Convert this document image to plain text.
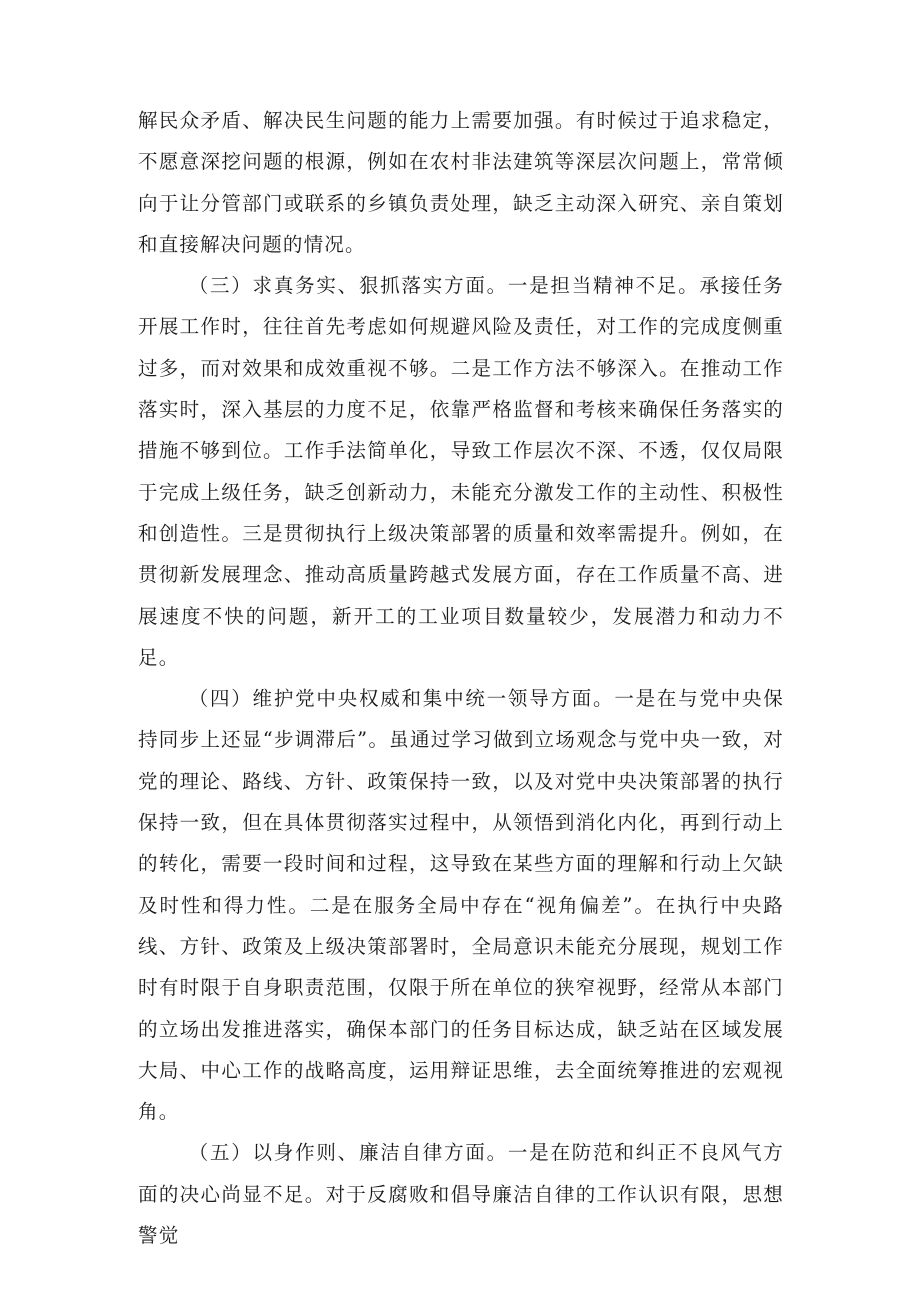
解民众矛盾、解决民生问题的能力上需要加强。有时候过于追求稳定，不愿意深挖问题的根源，例如在农村非法建筑等深层次问题上，常常倾向于让分管部门或联系的乡镇负责处理，缺乏主动深入研究、亲自策划和直接解决问题的情况。

（三）求真务实、狠抓落实方面。一是担当精神不足。承接任务开展工作时，往往首先考虑如何规避风险及责任，对工作的完成度侧重过多，而对效果和成效重视不够。二是工作方法不够深入。在推动工作落实时，深入基层的力度不足，依靠严格监督和考核来确保任务落实的措施不够到位。工作手法简单化，导致工作层次不深、不透，仅仅局限于完成上级任务，缺乏创新动力，未能充分激发工作的主动性、积极性和创造性。三是贯彻执行上级决策部署的质量和效率需提升。例如，在贯彻新发展理念、推动高质量跨越式发展方面，存在工作质量不高、进展速度不快的问题，新开工的工业项目数量较少，发展潜力和动力不足。

（四）维护党中央权威和集中统一领导方面。一是在与党中央保持同步上还显“步调滞后”。虽通过学习做到立场观念与党中央一致，对党的理论、路线、方针、政策保持一致，以及对党中央决策部署的执行保持一致，但在具体贯彻落实过程中，从领悟到消化内化，再到行动上的转化，需要一段时间和过程，这导致在某些方面的理解和行动上欠缺及时性和得力性。二是在服务全局中存在“视角偏差”。在执行中央路线、方针、政策及上级决策部署时，全局意识未能充分展现，规划工作时有时限于自身职责范围，仅限于所在单位的狭窄视野，经常从本部门的立场出发推进落实，确保本部门的任务目标达成，缺乏站在区域发展大局、中心工作的战略高度，运用辩证思维，去全面统筹推进的宏观视角。

（五）以身作则、廉洁自律方面。一是在防范和纠正不良风气方面的决心尚显不足。对于反腐败和倡导廉洁自律的工作认识有限，思想警觉
